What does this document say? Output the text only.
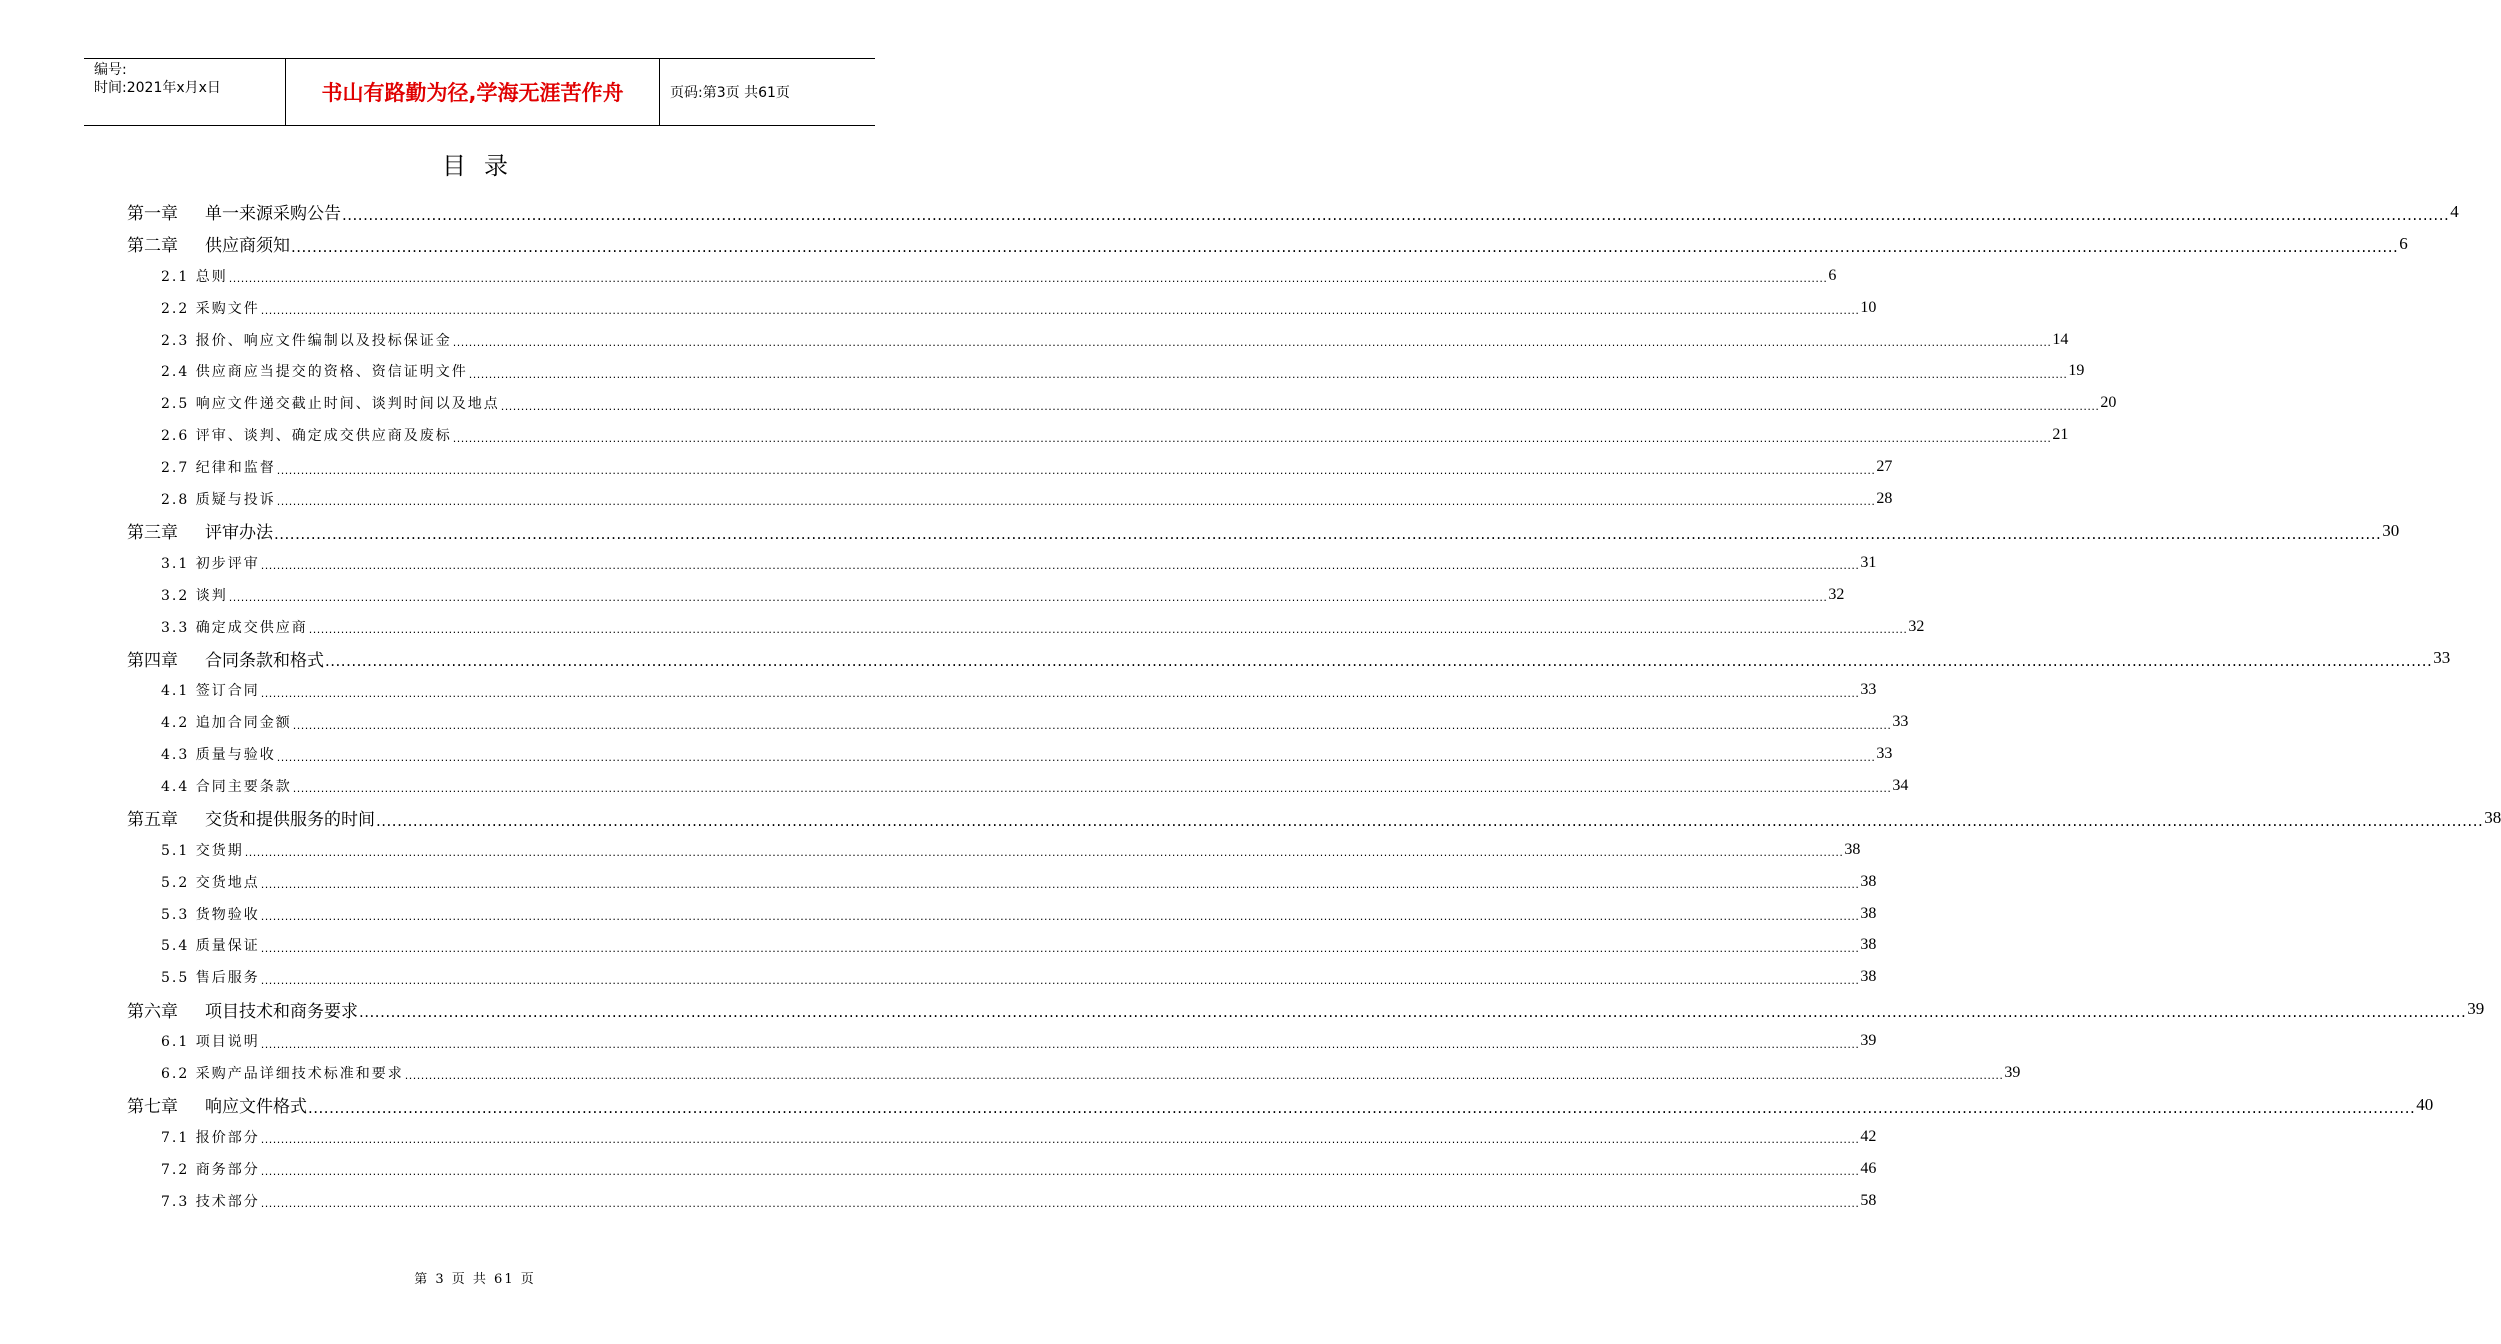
编号:
时间:2021年x月x日	书山有路勤为径,学海无涯苦作舟	页码:第3页 共61页
目录
第一章 单一来源采购公告 ................................................................................................................................................................................................................................................................................................................................................................................................................ 4
第二章 供应商须知 ................................................................................................................................................................................................................................................................................................................................................................................................................ 6
2.1 总则 ................................................................................................................................................................................................................................................................................................................................................................................................................ 6
2.2 采购文件 ................................................................................................................................................................................................................................................................................................................................................................................................................ 10
2.3 报价、响应文件编制以及投标保证金 ................................................................................................................................................................................................................................................................................................................................................................................................................ 14
2.4 供应商应当提交的资格、资信证明文件 ................................................................................................................................................................................................................................................................................................................................................................................................................ 19
2.5 响应文件递交截止时间、谈判时间以及地点 ................................................................................................................................................................................................................................................................................................................................................................................................................ 20
2.6 评审、谈判、确定成交供应商及废标 ................................................................................................................................................................................................................................................................................................................................................................................................................ 21
2.7 纪律和监督 ................................................................................................................................................................................................................................................................................................................................................................................................................ 27
2.8 质疑与投诉 ................................................................................................................................................................................................................................................................................................................................................................................................................ 28
第三章 评审办法 ................................................................................................................................................................................................................................................................................................................................................................................................................ 30
3.1 初步评审 ................................................................................................................................................................................................................................................................................................................................................................................................................ 31
3.2 谈判 ................................................................................................................................................................................................................................................................................................................................................................................................................ 32
3.3 确定成交供应商 ................................................................................................................................................................................................................................................................................................................................................................................................................ 32
第四章 合同条款和格式 ................................................................................................................................................................................................................................................................................................................................................................................................................ 33
4.1 签订合同 ................................................................................................................................................................................................................................................................................................................................................................................................................ 33
4.2 追加合同金额 ................................................................................................................................................................................................................................................................................................................................................................................................................ 33
4.3 质量与验收 ................................................................................................................................................................................................................................................................................................................................................................................................................ 33
4.4 合同主要条款 ................................................................................................................................................................................................................................................................................................................................................................................................................ 34
第五章 交货和提供服务的时间 ................................................................................................................................................................................................................................................................................................................................................................................................................ 38
5.1 交货期 ................................................................................................................................................................................................................................................................................................................................................................................................................ 38
5.2 交货地点 ................................................................................................................................................................................................................................................................................................................................................................................................................ 38
5.3 货物验收 ................................................................................................................................................................................................................................................................................................................................................................................................................ 38
5.4 质量保证 ................................................................................................................................................................................................................................................................................................................................................................................................................ 38
5.5 售后服务 ................................................................................................................................................................................................................................................................................................................................................................................................................ 38
第六章 项目技术和商务要求 ................................................................................................................................................................................................................................................................................................................................................................................................................ 39
6.1 项目说明 ................................................................................................................................................................................................................................................................................................................................................................................................................ 39
6.2 采购产品详细技术标准和要求 ................................................................................................................................................................................................................................................................................................................................................................................................................ 39
第七章 响应文件格式 ................................................................................................................................................................................................................................................................................................................................................................................................................ 40
7.1 报价部分 ................................................................................................................................................................................................................................................................................................................................................................................................................ 42
7.2 商务部分 ................................................................................................................................................................................................................................................................................................................................................................................................................ 46
7.3 技术部分 ................................................................................................................................................................................................................................................................................................................................................................................................................ 58
第 3 页 共 61 页
